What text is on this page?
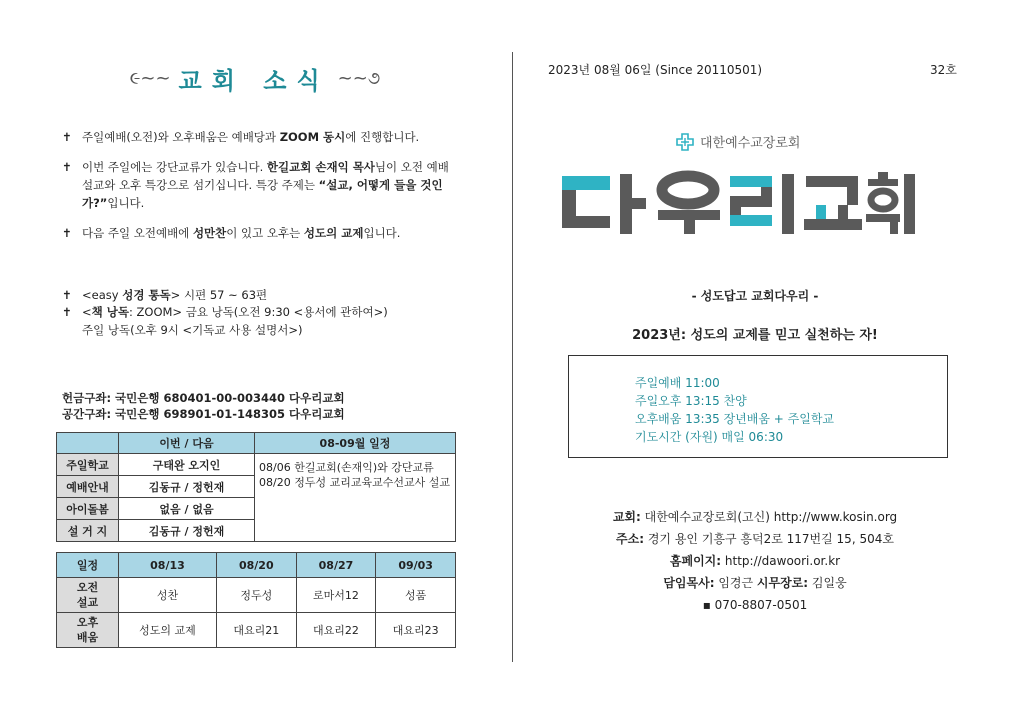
૯~~ 교회 소식 ~~૭
✝ 주일예배(오전)와 오후배움은 예배당과 ZOOM 동시에 진행합니다.
✝ 이번 주일에는 강단교류가 있습니다. 한길교회 손재익 목사님이 오전 예배 설교와 오후 특강으로 섬기십니다. 특강 주제는 “설교, 어떻게 들을 것인가?”입니다.
✝ 다음 주일 오전예배에 성만찬이 있고 오후는 성도의 교제입니다.
✝ <easy 성경 통독> 시편 57 ~ 63편
✝ <책 낭독: ZOOM> 금요 낭독(오전 9:30 <용서에 관하여>)
주일 낭독(오후 9시 <기독교 사용 설명서>)
헌금구좌: 국민은행 680401-00-003440 다우리교회
공간구좌: 국민은행 698901-01-148305 다우리교회
	이번 / 다음	08-09월 일정
주일학교	구태완 오지인	08/06 한길교회(손재익)와 강단교류
08/20 정두성 교리교육교수선교사 설교
예배안내	김동규 / 정헌재	
아이돌봄	없음 / 없음	
설 거 지	김동규 / 정헌재	
일정	08/13	08/20	08/27	09/03
오전
설교	성찬	정두성	로마서12	성품
오후
배움	성도의 교제	대요리21	대요리22	대요리23
2023년 08월 06일 (Since 20110501)	32호
대한예수교장로회
- 성도답고 교회다우리 -
2023년: 성도의 교제를 믿고 실천하는 자!
주일예배 11:00
주일오후 13:15 찬양
오후배움 13:35 장년배움 + 주일학교
기도시간 (자원) 매일 06:30
교회: 대한예수교장로회(고신) http://www.kosin.org
주소: 경기 용인 기흥구 흥덕2로 117번길 15, 504호
홈페이지: http://dawoori.or.kr
담임목사: 임경근 시무장로: 김일웅
▪ 070-8807-0501
